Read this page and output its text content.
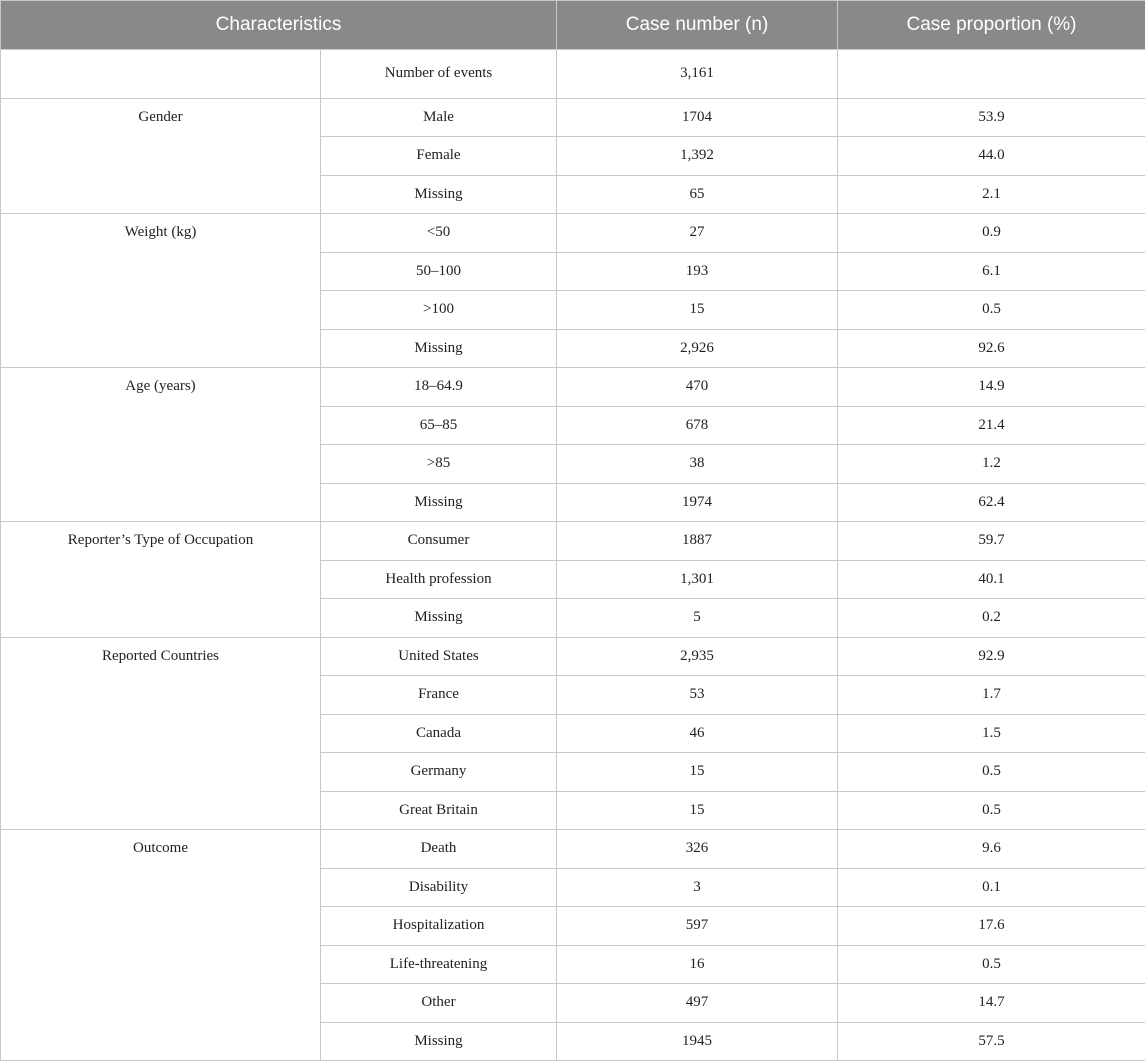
Characteristics		Case number (n)	Case proportion (%)
	Number of events	3,161	
Gender	Male	1704	53.9
	Female	1,392	44.0
	Missing	65	2.1
Weight (kg)	<50	27	0.9
	50–100	193	6.1
	>100	15	0.5
	Missing	2,926	92.6
Age (years)	18–64.9	470	14.9
	65–85	678	21.4
	>85	38	1.2
	Missing	1974	62.4
Reporter’s Type of Occupation	Consumer	1887	59.7
	Health profession	1,301	40.1
	Missing	5	0.2
Reported Countries	United States	2,935	92.9
	France	53	1.7
	Canada	46	1.5
	Germany	15	0.5
	Great Britain	15	0.5
Outcome	Death	326	9.6
	Disability	3	0.1
	Hospitalization	597	17.6
	Life-threatening	16	0.5
	Other	497	14.7
	Missing	1945	57.5
